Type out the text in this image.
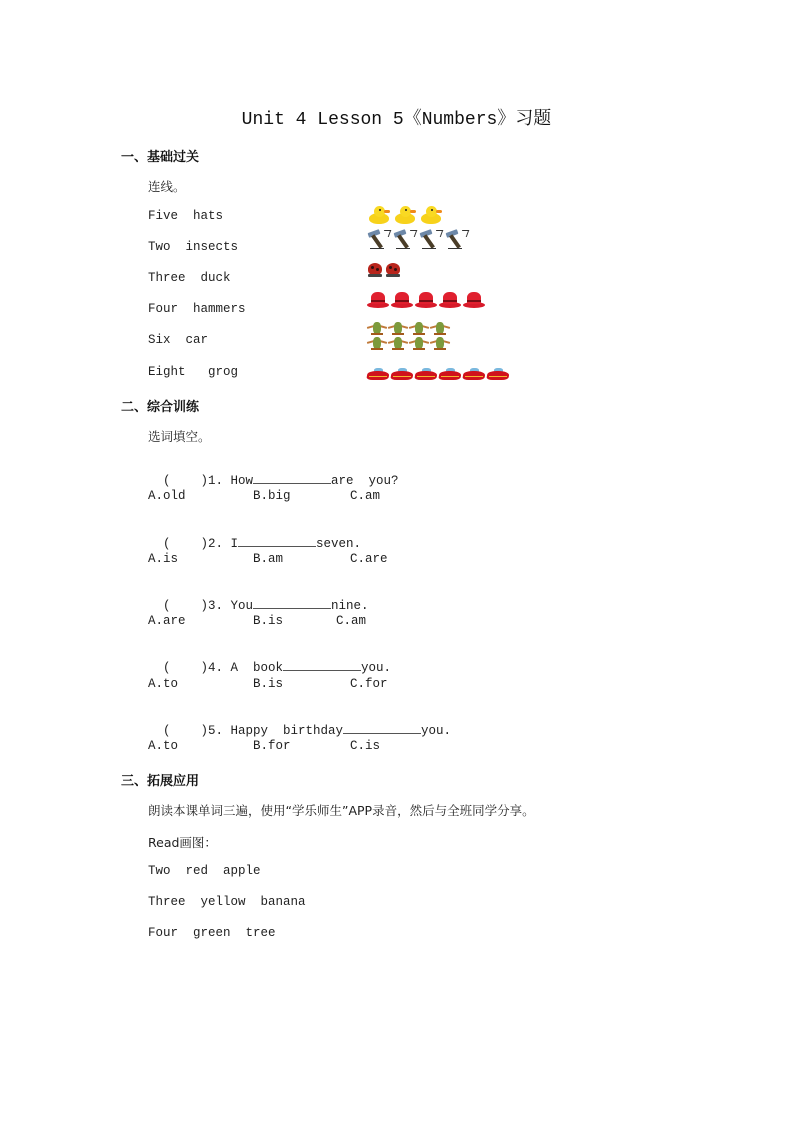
Unit 4 Lesson 5《Numbers》习题
一、基础过关
连线。
Five  hats
Two  insects
Three  duck
Four  hammers
Six  car
Eight   grog
二、综合训练
选词填空。

(    )1. How	are  you?

A.old	B.big	C.am

(    )2. I	seven.

A.is	B.am	C.are

(    )3. You	nine.

A.are	B.is	C.am

(    )4. A  book	you.

A.to	B.is	C.for

(    )5. Happy  birthday	you.

A.to	B.for	C.is
三、拓展应用
朗读本课单词三遍，使用“学乐师生”APP录音，然后与全班同学分享。
Read画图：
Two  red  apple
Three  yellow  banana
Four  green  tree
